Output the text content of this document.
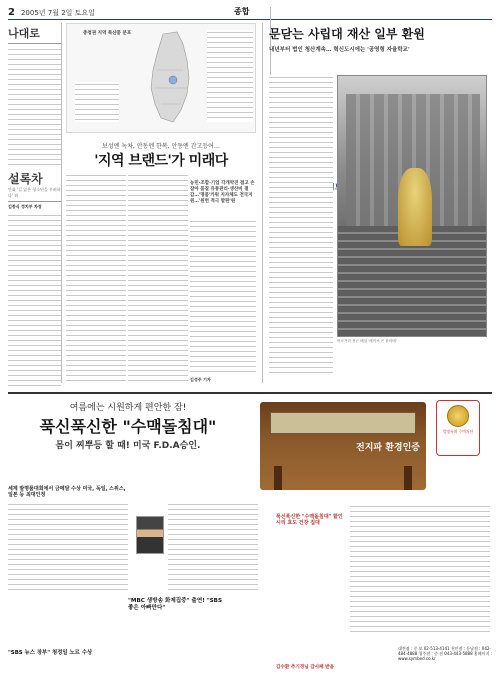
2 2005년 7월 2일 토요일	종합
나대로
설록차
만화 '길 잃은 청소년을 우려하다' 외
김종식 정치부 차장
충청권 지역 특산품 분포
보성엔 녹차, 안동엔 한복, 안동엔 간고등어…
'지역 브랜드'가 미래다
농민·조합·기업 각개약진 접고 손잡아 품질 유통관리·생산비 절감…'명품'키워 지자체도 전국지원…'원헌 적극 발판'원
김성주 기자
문닫는 사립대 재산 일부 환원
내년부터 법인 청산계속… 혁신도시에는 '공영형 자율학교'
어르거리 전근 배설 '레이브 은 윤리테'
여름에는 시원하게 편안한 잠!
푹신푹신한 "수맥돌침대"
몸이 찌뿌등 할 때! 미국 F.D.A승인.	전지파 환경인증
발명특허 수맥차단
세계 발명품대회에서 금메달 수상 미국, 독일, 스위스, 일본 등 최대인정
"MBC 생방송 화제집중" 출연! "SBS 좋은 아빠만다"
"SBS 뉴스 장부" 청정일 노르 수상
푹신푹신한 "수맥돌침대" 할인시리 효도 건강 집대
김수환 추기경님 감사패 받음
대전점 : 중 보 02-513-4141 천안점 : 동남점 : 042-484-4888 청주점 : 중 점 043-443-5888 홈페이지 : www.symbed.co.kr
